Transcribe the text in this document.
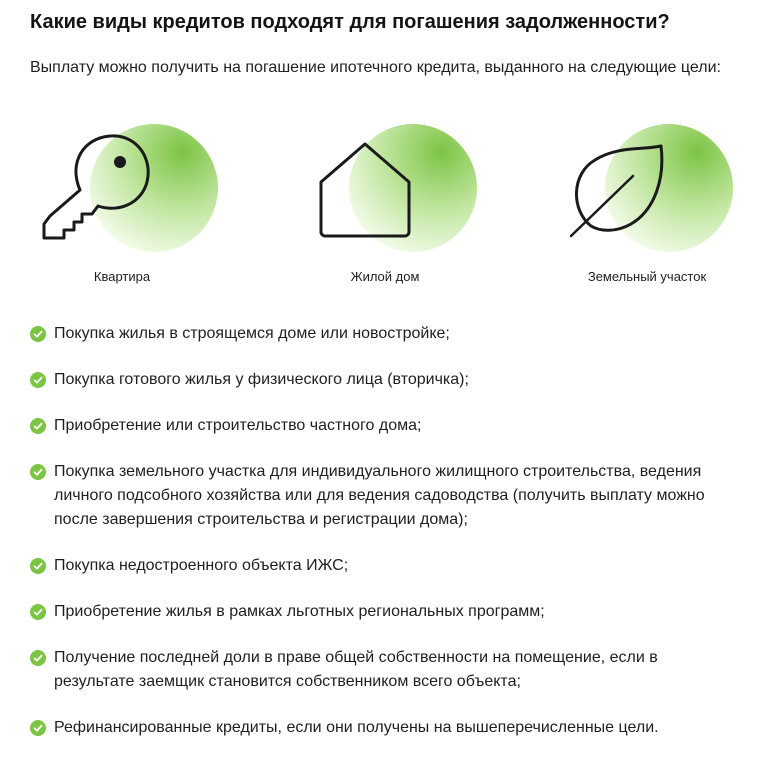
Какие виды кредитов подходят для погашения задолженности?
Выплату можно получить на погашение ипотечного кредита, выданного на следующие цели:
Квартира	Жилой дом	Земельный участок
Покупка жилья в строящемся доме или новостройке;
Покупка готового жилья у физического лица (вторичка);
Приобретение или строительство частного дома;
Покупка земельного участка для индивидуального жилищного строительства, ведения личного подсобного хозяйства или для ведения садоводства (получить выплату можно после завершения строительства и регистрации дома);
Покупка недостроенного объекта ИЖС;
Приобретение жилья в рамках льготных региональных программ;
Получение последней доли в праве общей собственности на помещение, если в результате заемщик становится собственником всего объекта;
Рефинансированные кредиты, если они получены на вышеперечисленные цели.
